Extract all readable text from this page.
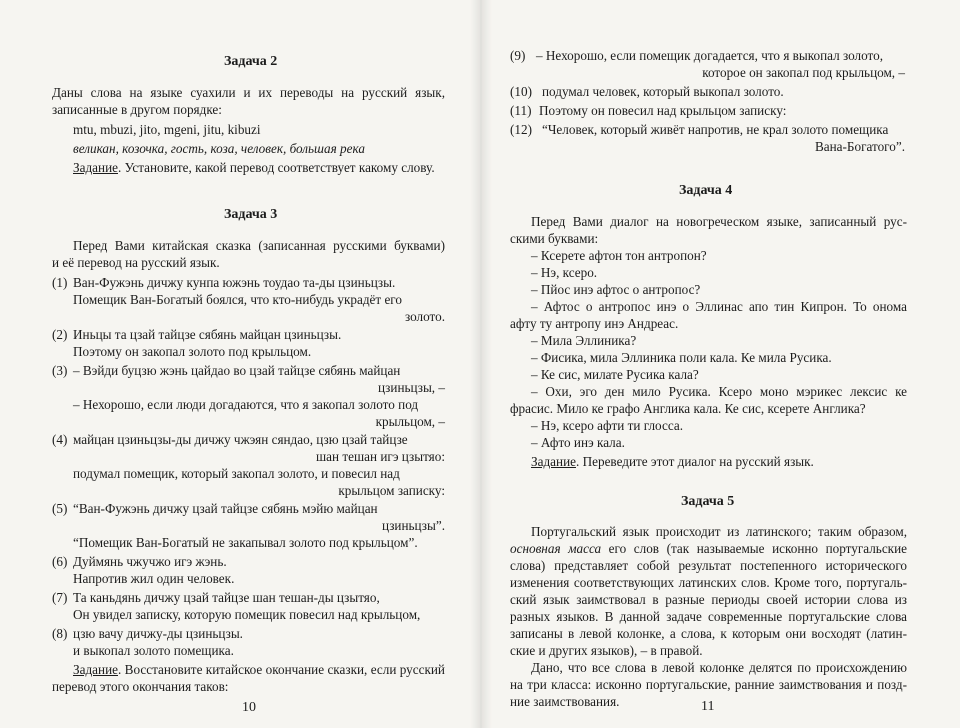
Задача 2
Даны слова на языке суахили и их переводы на русский язык,
записанные в другом порядке:
mtu, mbuzi, jito, mgeni, jitu, kibuzi
великан, козочка, гость, коза, человек, большая река
Задание. Установите, какой перевод соответствует какому слову.
Задача 3
Перед Вами китайская сказка (записанная русскими буквами)
и её перевод на русский язык.
(1) Ван-Фужэнь дичжу кунпа южэнь тоудао та-ды цзиньцзы.
Помещик Ван-Богатый боялся, что кто-нибудь украдёт его
золото.
(2) Иньцы та цзай тайцзе сябянь майцан цзиньцзы.
Поэтому он закопал золото под крыльцом.
(3) – Вэйди буцзю жэнь цайдао во цзай тайцзе сябянь майцан
цзиньцзы, –
– Нехорошо, если люди догадаются, что я закопал золото под
крыльцом, –
(4) майцан цзиньцзы-ды дичжу чжэян сяндао, цзю цзай тайцзе
шан тешан игэ цзытяо:
подумал помещик, который закопал золото, и повесил над
крыльцом записку:
(5) “Ван-Фужэнь дичжу цзай тайцзе сябянь мэйю майцан
цзиньцзы”.
“Помещик Ван-Богатый не закапывал золото под крыльцом”.
(6) Дуймянь чжучжо игэ жэнь.
Напротив жил один человек.
(7) Та каньдянь дичжу цзай тайцзе шан тешан-ды цзытяо,
Он увидел записку, которую помещик повесил над крыльцом,
(8) цзю вачу дичжу-ды цзиньцзы.
и выкопал золото помещика.
Задание. Восстановите китайское окончание сказки, если русский
перевод этого окончания таков:
10
(9) – Нехорошо, если помещик догадается, что я выкопал золото,
которое он закопал под крыльцом, –
(10) подумал человек, который выкопал золото.
(11) Поэтому он повесил над крыльцом записку:
(12) “Человек, который живёт напротив, не крал золото помещика
Вана-Богатого”.
Задача 4
Перед Вами диалог на новогреческом языке, записанный рус-
скими буквами:
– Ксерете афтон тон антропон?
– Нэ, ксеро.
– Пйос инэ афтос о антропос?
– Афтос о антропос инэ о Эллинас апо тин Кипрон. То онома
афту ту антропу инэ Андреас.
– Мила Эллиника?
– Фисика, мила Эллиника поли кала. Ке мила Русика.
– Ке сис, милате Русика кала?
– Охи, эго ден мило Русика. Ксеро моно мэрикес лексис ке
фрасис. Мило ке графо Англика кала. Ке сис, ксерете Англика?
– Нэ, ксеро афти ти глосса.
– Афто инэ кала.
Задание. Переведите этот диалог на русский язык.
Задача 5
Португальский язык происходит из латинского; таким образом,
основная масса его слов (так называемые исконно португальские
слова) представляет собой результат постепенного исторического
изменения соответствующих латинских слов. Кроме того, португаль-
ский язык заимствовал в разные периоды своей истории слова из
разных языков. В данной задаче современные португальские слова
записаны в левой колонке, а слова, к которым они восходят (латин-
ские и других языков), – в правой.
Дано, что все слова в левой колонке делятся по происхождению
на три класса: исконно португальские, ранние заимствования и позд-
ние заимствования.	11
